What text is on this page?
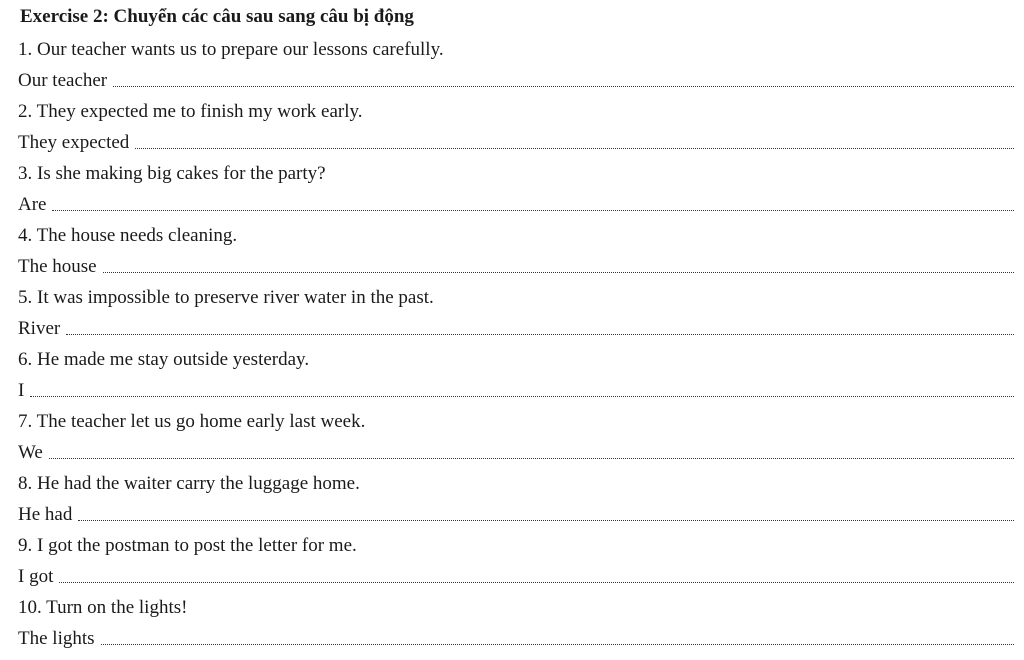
Exercise 2: Chuyển các câu sau sang câu bị động
1. Our teacher wants us to prepare our lessons carefully.
Our teacher
2. They expected me to finish my work early.
They expected
3. Is she making big cakes for the party?
Are
4. The house needs cleaning.
The house
5. It was impossible to preserve river water in the past.
River
6. He made me stay outside yesterday.
I
7. The teacher let us go home early last week.
We
8. He had the waiter carry the luggage home.
He had
9. I got the postman to post the letter for me.
I got
10. Turn on the lights!
The lights
